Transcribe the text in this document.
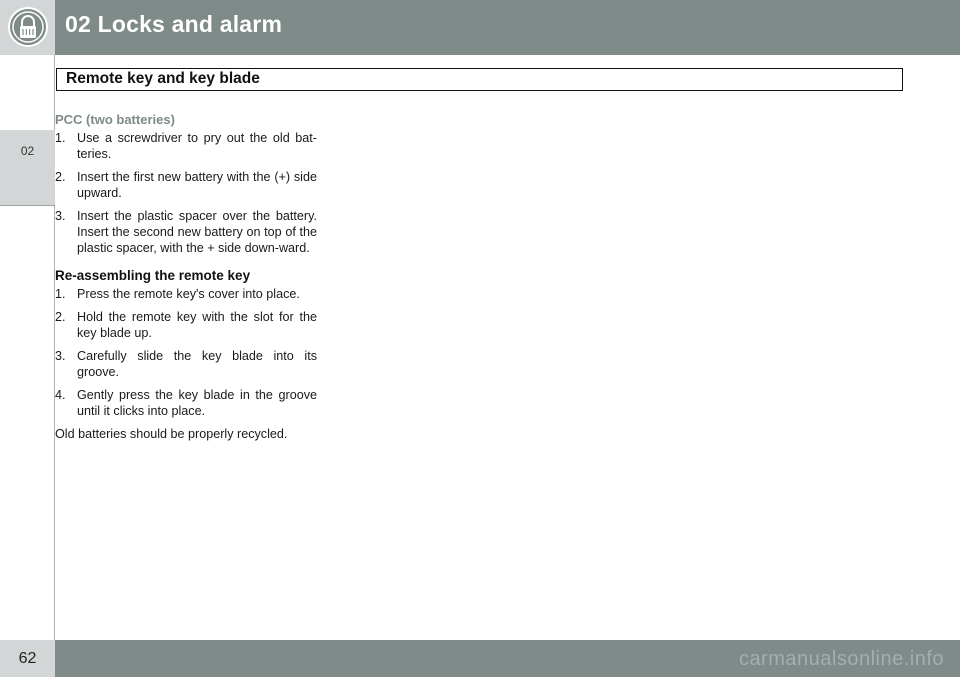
02
62
02 Locks and alarm
Remote key and key blade
PCC (two batteries)
1. Use a screwdriver to pry out the old bat-teries.
2. Insert the first new battery with the (+) side upward.
3. Insert the plastic spacer over the battery. Insert the second new battery on top of the plastic spacer, with the + side down-ward.
Re-assembling the remote key
1. Press the remote key's cover into place.
2. Hold the remote key with the slot for the key blade up.
3. Carefully slide the key blade into its groove.
4. Gently press the key blade in the groove until it clicks into place.
Old batteries should be properly recycled.
carmanualsonline.info
